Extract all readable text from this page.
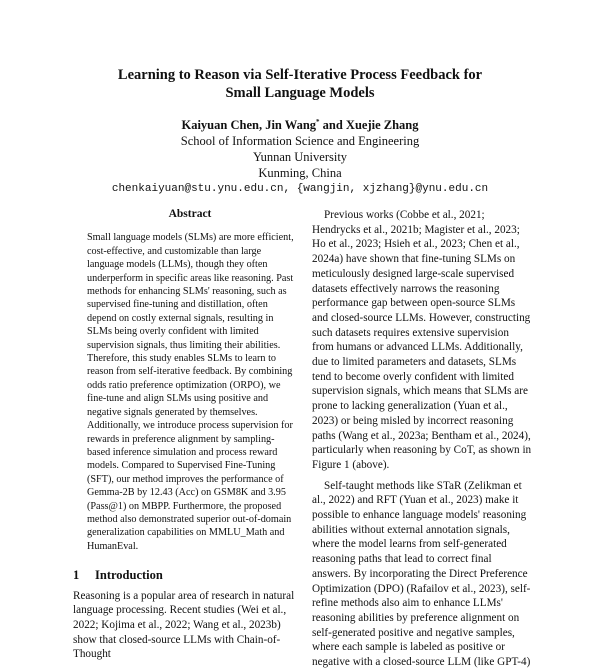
Learning to Reason via Self-Iterative Process Feedback for
Small Language Models
Kaiyuan Chen, Jin Wang* and Xuejie Zhang
School of Information Science and Engineering
Yunnan University
Kunming, China
chenkaiyuan@stu.ynu.edu.cn, {wangjin, xjzhang}@ynu.edu.cn
Abstract
Small language models (SLMs) are more efficient, cost-effective, and customizable than large language models (LLMs), though they often underperform in specific areas like reasoning. Past methods for enhancing SLMs' reasoning, such as supervised fine-tuning and distillation, often depend on costly external signals, resulting in SLMs being overly confident with limited supervision signals, thus limiting their abilities. Therefore, this study enables SLMs to learn to reason from self-iterative feedback. By combining odds ratio preference optimization (ORPO), we fine-tune and align SLMs using positive and negative signals generated by themselves. Additionally, we introduce process supervision for rewards in preference alignment by sampling-based inference simulation and process reward models. Compared to Supervised Fine-Tuning (SFT), our method improves the performance of Gemma-2B by 12.43 (Acc) on GSM8K and 3.95 (Pass@1) on MBPP. Furthermore, the proposed method also demonstrated superior out-of-domain generalization capabilities on MMLU_Math and HumanEval.
1 Introduction
Reasoning is a popular area of research in natural language processing. Recent studies (Wei et al., 2022; Kojima et al., 2022; Wang et al., 2023b) show that closed-source LLMs with Chain-of-Thought

Previous works (Cobbe et al., 2021; Hendrycks et al., 2021b; Magister et al., 2023; Ho et al., 2023; Hsieh et al., 2023; Chen et al., 2024a) have shown that fine-tuning SLMs on meticulously designed large-scale supervised datasets effectively narrows the reasoning performance gap between open-source SLMs and closed-source LLMs. However, constructing such datasets requires extensive supervision from humans or advanced LLMs. Additionally, due to limited parameters and datasets, SLMs tend to become overly confident with limited supervision signals, which means that SLMs are prone to lacking generalization (Yuan et al., 2023) or being misled by incorrect reasoning paths (Wang et al., 2023a; Bentham et al., 2024), particularly when reasoning by CoT, as shown in Figure 1 (above).

Self-taught methods like STaR (Zelikman et al., 2022) and RFT (Yuan et al., 2023) make it possible to enhance language models' reasoning abilities without external annotation signals, where the model learns from self-generated reasoning paths that lead to correct final answers. By incorporating the Direct Preference Optimization (DPO) (Rafailov et al., 2023), self-refine methods also aim to enhance LLMs' reasoning abilities by preference alignment on self-generated positive and negative samples, where each sample is labeled as positive or negative with a closed-source LLM (like GPT-4)
